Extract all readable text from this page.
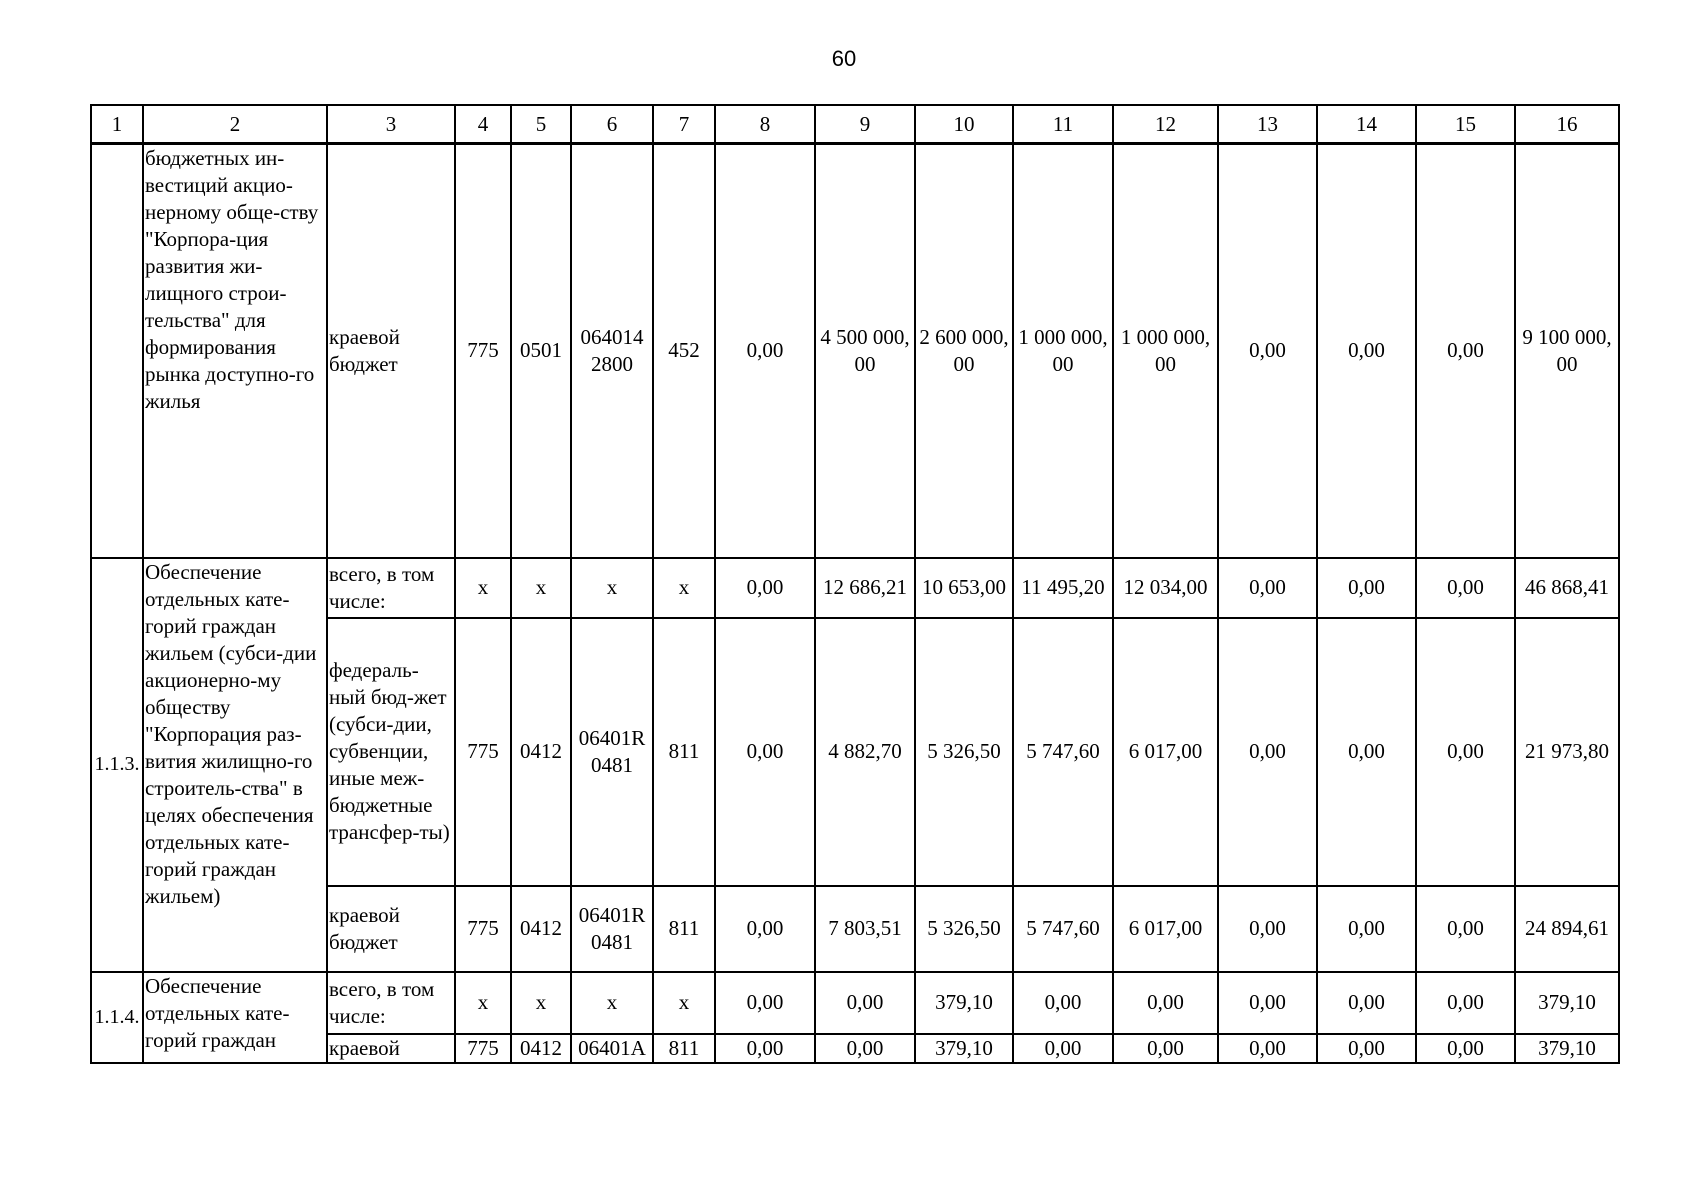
60
1	2	3	4	5	6	7	8	9	10	11	12	13	14	15	16
	бюджетных ин-вестиций акцио-нерному обще-ству "Корпора-ция развития жи-лищного строи-тельства" для формирования рынка доступно-го жилья	краевой бюджет	775	0501	064014 2800	452	0,00	4 500 000,00	2 600 000,00	1 000 000,00	1 000 000,00	0,00	0,00	0,00	9 100 000,00
1.1.3.	Обеспечение отдельных кате-горий граждан жильем (субси-дии акционерно-му обществу "Корпорация раз-вития жилищно-го строитель-ства" в целях обеспечения отдельных кате-горий граждан жильем)	всего, в том числе:	x	x	x	x	0,00	12 686,21	10 653,00	11 495,20	12 034,00	0,00	0,00	0,00	46 868,41
		федераль-ный бюд-жет (субси-дии, субвенции, иные меж-бюджетные трансфер-ты)	775	0412	06401R 0481	811	0,00	4 882,70	5 326,50	5 747,60	6 017,00	0,00	0,00	0,00	21 973,80
		краевой бюджет	775	0412	06401R 0481	811	0,00	7 803,51	5 326,50	5 747,60	6 017,00	0,00	0,00	0,00	24 894,61
1.1.4.	Обеспечение отдельных кате-горий граждан	всего, в том числе:	x	x	x	x	0,00	0,00	379,10	0,00	0,00	0,00	0,00	0,00	379,10
		краевой	775	0412	06401А	811	0,00	0,00	379,10	0,00	0,00	0,00	0,00	0,00	379,10
